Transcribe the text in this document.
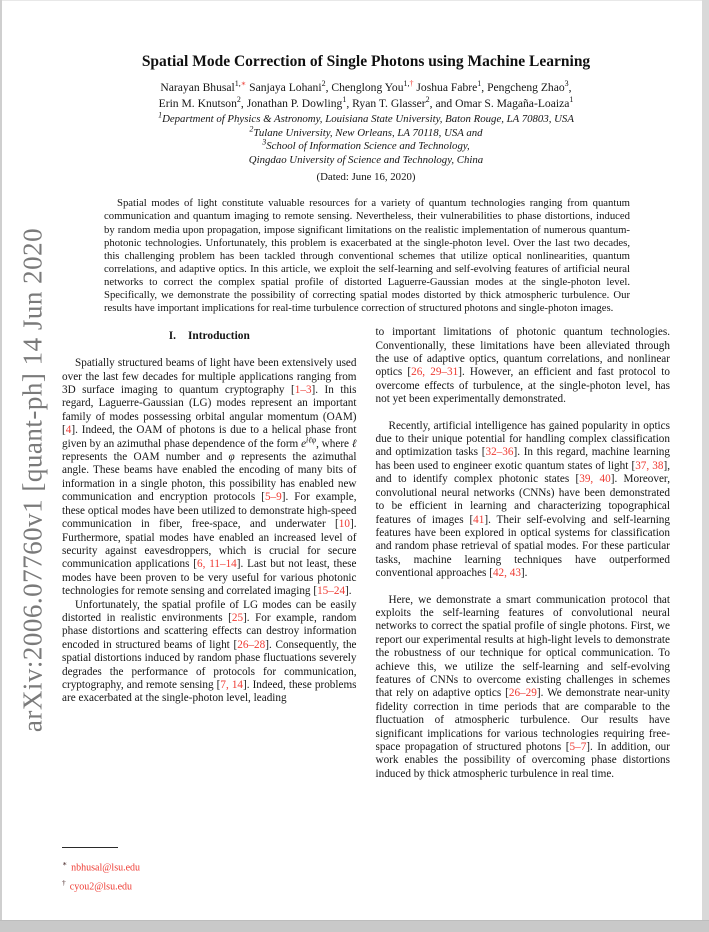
arXiv:2006.07760v1 [quant-ph] 14 Jun 2020
Spatial Mode Correction of Single Photons using Machine Learning
Narayan Bhusal$^{1,∗}$ Sanjaya Lohani$^2$, Chenglong You$^{1,\dagger}$ Joshua Fabre$^1$, Pengcheng Zhao$^3$,
Erin M. Knutson$^2$, Jonathan P. Dowling$^1$, Ryan T. Glasser$^2$, and Omar S. Magaña-Loaiza$^1$
$^1$Department of Physics & Astronomy, Louisiana State University, Baton Rouge, LA 70803, USA
$^2$Tulane University, New Orleans, LA 70118, USA and
$^3$School of Information Science and Technology,
Qingdao University of Science and Technology, China
(Dated: June 16, 2020)
Spatial modes of light constitute valuable resources for a variety of quantum technologies ranging from quantum communication and quantum imaging to remote sensing. Nevertheless, their vulnerabilities to phase distortions, induced by random media upon propagation, impose significant limitations on the realistic implementation of numerous quantum-photonic technologies. Unfortunately, this problem is exacerbated at the single-photon level. Over the last two decades, this challenging problem has been tackled through conventional schemes that utilize optical nonlinearities, quantum correlations, and adaptive optics. In this article, we exploit the self-learning and self-evolving features of artificial neural networks to correct the complex spatial profile of distorted Laguerre-Gaussian modes at the single-photon level. Specifically, we demonstrate the possibility of correcting spatial modes distorted by thick atmospheric turbulence. Our results have important implications for real-time turbulence correction of structured photons and single-photon images.
I. Introduction

Spatially structured beams of light have been extensively used over the last few decades for multiple applications ranging from 3D surface imaging to quantum cryptography [1–3]. In this regard, Laguerre-Gaussian (LG) modes represent an important family of modes possessing orbital angular momentum (OAM) [4]. Indeed, the OAM of photons is due to a helical phase front given by an azimuthal phase dependence of the form $e^{i\ell\varphi}$, where ℓ represents the OAM number and φ represents the azimuthal angle. These beams have enabled the encoding of many bits of information in a single photon, this possibility has enabled new communication and encryption protocols [5–9]. For example, these optical modes have been utilized to demonstrate high-speed communication in fiber, free-space, and underwater [10]. Furthermore, spatial modes have enabled an increased level of security against eavesdroppers, which is crucial for secure communication applications [6, 11–14]. Last but not least, these modes have been proven to be very useful for various photonic technologies for remote sensing and correlated imaging [15–24].

Unfortunately, the spatial profile of LG modes can be easily distorted in realistic environments [25]. For example, random phase distortions and scattering effects can destroy information encoded in structured beams of light [26–28]. Consequently, the spatial distortions induced by random phase fluctuations severely degrades the performance of protocols for communication, cryptography, and remote sensing [7, 14]. Indeed, these problems are exacerbated at the single-photon level, leading

to important limitations of photonic quantum technologies. Conventionally, these limitations have been alleviated through the use of adaptive optics, quantum correlations, and nonlinear optics [26, 29–31]. However, an efficient and fast protocol to overcome effects of turbulence, at the single-photon level, has not yet been experimentally demonstrated.

Recently, artificial intelligence has gained popularity in optics due to their unique potential for handling complex classification and optimization tasks [32–36]. In this regard, machine learning has been used to engineer exotic quantum states of light [37, 38], and to identify complex photonic states [39, 40]. Moreover, convolutional neural networks (CNNs) have been demonstrated to be efficient in learning and characterizing topographical features of images [41]. Their self-evolving and self-learning features have been explored in optical systems for classification and random phase retrieval of spatial modes. For these particular tasks, machine learning techniques have outperformed conventional approaches [42, 43].

Here, we demonstrate a smart communication protocol that exploits the self-learning features of convolutional neural networks to correct the spatial profile of single photons. First, we report our experimental results at high-light levels to demonstrate the robustness of our technique for optical communication. To achieve this, we utilize the self-learning and self-evolving features of CNNs to overcome existing challenges in schemes that rely on adaptive optics [26–29]. We demonstrate near-unity fidelity correction in time periods that are comparable to the fluctuation of atmospheric turbulence. Our results have significant implications for various technologies requiring free-space propagation of structured photons [5–7]. In addition, our work enables the possibility of overcoming phase distortions induced by thick atmospheric turbulence in real time.

∗ nbhusal@lsu.edu
† cyou2@lsu.edu
